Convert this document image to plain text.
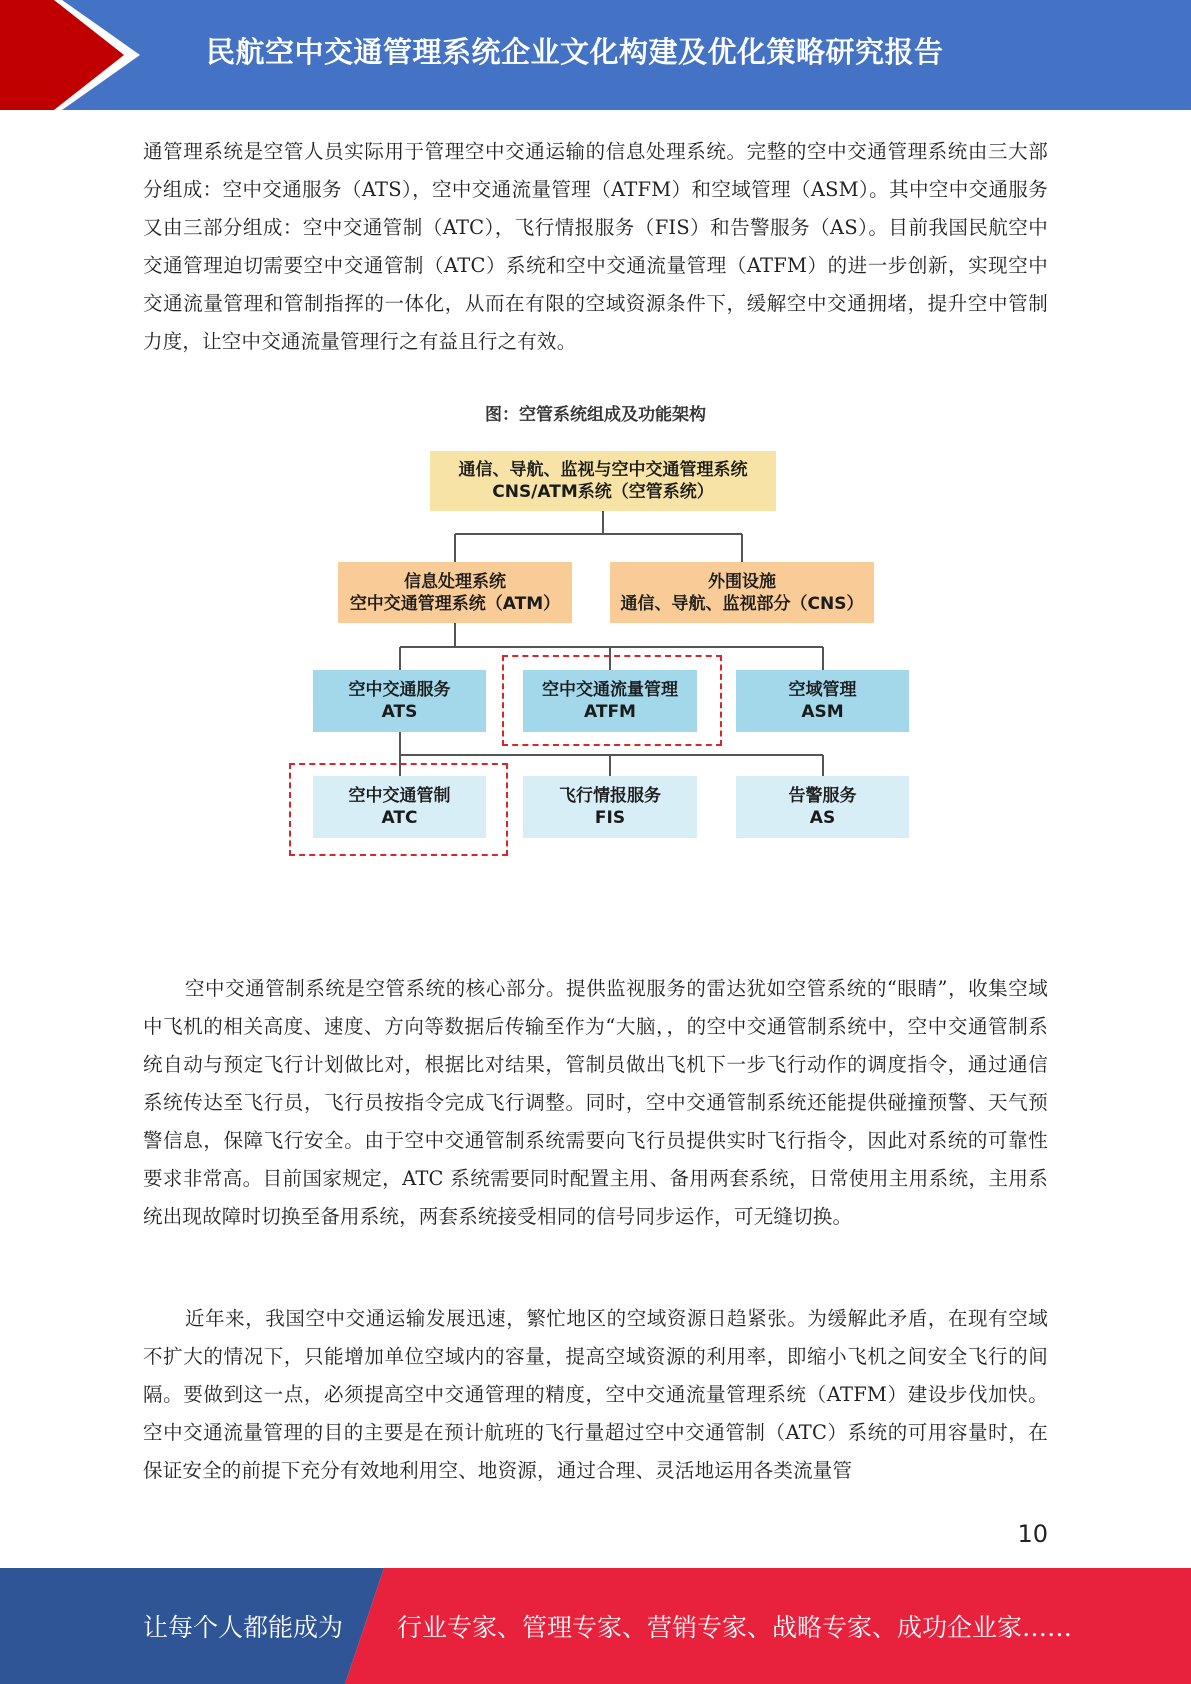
民航空中交通管理系统企业文化构建及优化策略研究报告

通管理系统是空管人员实际用于管理空中交通运输的信息处理系统。完整的空中交通管理系统由三大部分组成：空中交通服务（ATS），空中交通流量管理（ATFM）和空域管理（ASM）。其中空中交通服务又由三部分组成：空中交通管制（ATC），飞行情报服务（FIS）和告警服务（AS）。目前我国民航空中交通管理迫切需要空中交通管制（ATC）系统和空中交通流量管理（ATFM）的进一步创新，实现空中交通流量管理和管制指挥的一体化，从而在有限的空域资源条件下，缓解空中交通拥堵，提升空中管制力度，让空中交通流量管理行之有益且行之有效。

图：空管系统组成及功能架构
通信、导航、监视与空中交通管理系统
CNS/ATM系统（空管系统）
信息处理系统
空中交通管理系统（ATM）
外围设施
通信、导航、监视部分（CNS）
空中交通服务
ATS
空中交通流量管理
ATFM
空域管理
ASM
空中交通管制
ATC
飞行情报服务
FIS
告警服务
AS

空中交通管制系统是空管系统的核心部分。提供监视服务的雷达犹如空管系统的“眼睛”，收集空域中飞机的相关高度、速度、方向等数据后传输至作为“大脑，，的空中交通管制系统中，空中交通管制系统自动与预定飞行计划做比对，根据比对结果，管制员做出飞机下一步飞行动作的调度指令，通过通信系统传达至飞行员，飞行员按指令完成飞行调整。同时，空中交通管制系统还能提供碰撞预警、天气预警信息，保障飞行安全。由于空中交通管制系统需要向飞行员提供实时飞行指令，因此对系统的可靠性要求非常高。目前国家规定，ATC 系统需要同时配置主用、备用两套系统，日常使用主用系统，主用系统出现故障时切换至备用系统，两套系统接受相同的信号同步运作，可无缝切换。

近年来，我国空中交通运输发展迅速，繁忙地区的空域资源日趋紧张。为缓解此矛盾，在现有空域不扩大的情况下，只能增加单位空域内的容量，提高空域资源的利用率，即缩小飞机之间安全飞行的间隔。要做到这一点，必须提高空中交通管理的精度，空中交通流量管理系统（ATFM）建设步伐加快。空中交通流量管理的目的主要是在预计航班的飞行量超过空中交通管制（ATC）系统的可用容量时，在保证安全的前提下充分有效地利用空、地资源，通过合理、灵活地运用各类流量管

10
让每个人都能成为 行业专家、管理专家、营销专家、战略专家、成功企业家……
